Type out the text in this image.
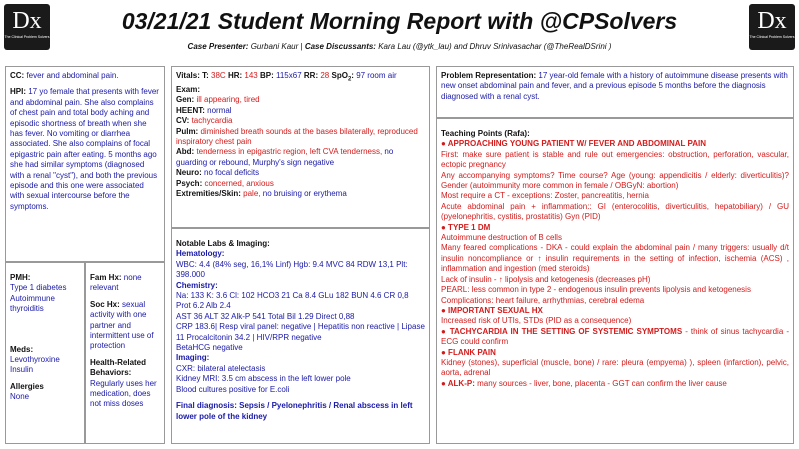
Dx
The Clinical Problem Solvers
Dx
The Clinical Problem Solvers
03/21/21 Student Morning Report with @CPSolvers
Case Presenter: Gurbani Kaur | Case Discussants: Kara Lau (@ytk_lau) and Dhruv Srinivasachar (@TheRealDSrini )
CC: fever and abdominal pain.
HPI: 17 yo female that presents with fever and abdominal pain. She also complains of chest pain and total body aching and episodic shortness of breath when she has fever. No vomiting or diarrhea associated. She also complains of focal epigastric pain after eating. 5 months ago she had similar symptoms (diagnosed with a renal "cyst"), and both the previous episode and this one were associated with sexual intercourse before the symptoms.
PMH:
Type 1 diabetes
Autoimmune thyroiditis
Meds:
Levothyroxine
Insulin
Allergies
None
Fam Hx: none relevant
Soc Hx: sexual activity with one partner and intermittent use of protection
Health-Related Behaviors:
Regularly uses her medication, does not miss doses
Vitals: T: 38C HR: 143 BP: 115x67 RR: 28 SpO$_2$: 97 room air
Exam:
Gen: ill appearing, tired
HEENT: normal
CV: tachycardia
Pulm: diminished breath sounds at the bases bilaterally, reproduced inspiratory chest pain
Abd: tenderness in epigastric region, left CVA tenderness, no guarding or rebound, Murphy's sign negative
Neuro: no focal deficits
Psych: concerned, anxious
Extremities/Skin: pale, no bruising or erythema
Notable Labs & Imaging:
Hematology:
WBC: 4.4 (84% seg, 16,1% Linf) Hgb: 9.4 MVC 84 RDW 13,1 Plt: 398.000
Chemistry:
Na: 133 K: 3.6 Cl: 102 HCO3 21 Ca 8.4 GLu 182 BUN 4.6 CR 0,8 Prot 6.2 Alb 2.4
AST 36 ALT 32 Alk-P 541 Total Bil 1.29 Direct 0,88
CRP 183.6| Resp viral panel: negative | Hepatitis non reactive | Lipase 11 Procalcitonin 34.2 | HIV/RPR negative
BetaHCG negative
Imaging:
CXR: bilateral atelectasis
Kidney MRI: 3.5 cm abscess in the left lower pole
Blood cultures positive for E.coli
Final diagnosis: Sepsis / Pyelonephritis / Renal abscess in left lower pole of the kidney
Problem Representation: 17 year-old female with a history of autoimmune disease presents with new onset abdominal pain and fever, and a previous episode 5 months before the diagnosis diagnosed with a renal cyst.
Teaching Points (Rafa):
● APPROACHING YOUNG PATIENT W/ FEVER AND ABDOMINAL PAIN
First: make sure patient is stable and rule out emergencies: obstruction, perforation, vascular, ectopic pregnancy
Any accompanying symptoms? Time course? Age (young: appendicitis / elderly: diverticulitis)? Gender (autoimmunity more common in female / OBGyN: abortion)
Most require a CT - exceptions: Zoster, pancreatitis, hernia
Acute abdominal pain + inflammation:: GI (enterocolitis, diverticulitis, hepatobiliary) / GU (pyelonephritis, cystitis, prostatitis) Gyn (PID)
● TYPE 1 DM
Autoimmune destruction of B cells
Many feared complications - DKA - could explain the abdominal pain / many triggers: usually d/t insulin noncompliance or ↑ insulin requirements in the setting of infection, ischemia (ACS) , inflammation and ingestion (med steroids)
Lack of insulin - ↑ lipolysis and ketogenesis (decreases pH)
PEARL: less common in type 2 - endogenous insulin prevents lipolysis and ketogenesis
Complications: heart failure, arrhythmias, cerebral edema
● IMPORTANT SEXUAL HX
Increased risk of UTIs, STDs (PID as a consequence)
● TACHYCARDIA IN THE SETTING OF SYSTEMIC SYMPTOMS - think of sinus tachycardia - ECG could confirm
● FLANK PAIN
Kidney (stones), superficial (muscle, bone) / rare: pleura (empyema) ), spleen (infarction), pelvic, aorta, adrenal
● ALK-P: many sources - liver, bone, placenta - GGT can confirm the liver cause
